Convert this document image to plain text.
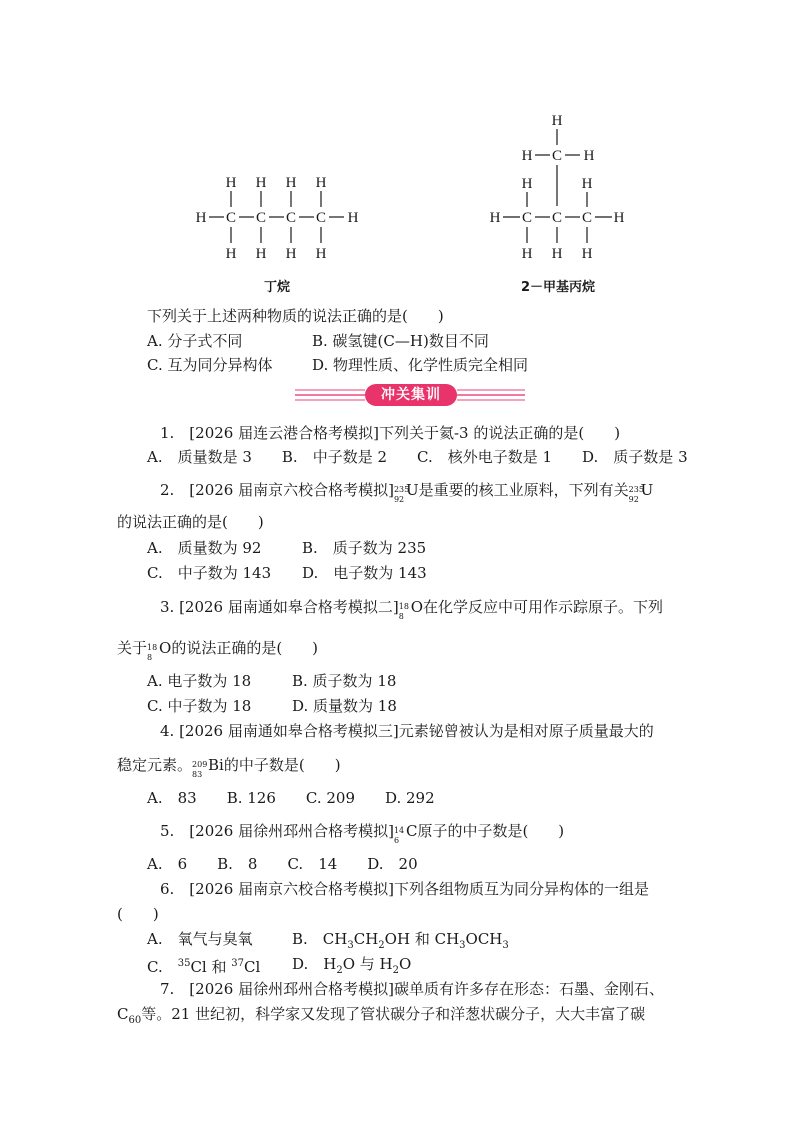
H H H H
H C C C C H
H H H H
丁烷
H
H C H
H	H
H C C C H
H H H
2－甲基丙烷
下列关于上述两种物质的说法正确的是(　　)
A. 分子式不同	B. 碳氢键(C—H)数目不同
C. 互为同分异构体	D. 物理性质、化学性质完全相同
冲关集训
1.　[2026 届连云港合格考模拟]下列关于氦-3 的说法正确的是(　　)
A.　质量数是 3　　B.　中子数是 2　　C.　核外电子数是 1　　D.　质子数是 3
2.　[2026 届南京六校合格考模拟] 235
92
U是重要的核工业原料，下列有关 235
92
U
的说法正确的是(　　)
A.　质量数为 92	B.　质子数为 235
C.　中子数为 143 D.　电子数为 143
3. [2026 届南通如皋合格考模拟二] 18
8
O在化学反应中可用作示踪原子。下列
关于 18
8
O的说法正确的是(　　)
A. 电子数为 18	B. 质子数为 18
C. 中子数为 18	D. 质量数为 18
4. [2026 届南通如皋合格考模拟三]元素铋曾被认为是相对原子质量最大的
稳定元素。 209
83
Bi的中子数是(　　)
A.　83　　B. 126　　C. 209　　D. 292
5.　[2026 届徐州邳州合格考模拟] 14
6
C原子的中子数是(　　)
A.　6　　B.　8　　C.　14　　D.　20
6.　[2026 届南京六校合格考模拟]下列各组物质互为同分异构体的一组是
(　　)
A.　氧气与臭氧	B.　$CH_3CH_2OH$ 和 $CH_3OCH_3$
C.　$^{35}$Cl 和 $^{37}$Cl D.　$H_2O$ 与 $H_2O$
7.　[2026 届徐州邳州合格考模拟]碳单质有许多存在形态：石墨、金刚石、
$C_{60}$等。21 世纪初，科学家又发现了管状碳分子和洋葱状碳分子，大大丰富了碳
